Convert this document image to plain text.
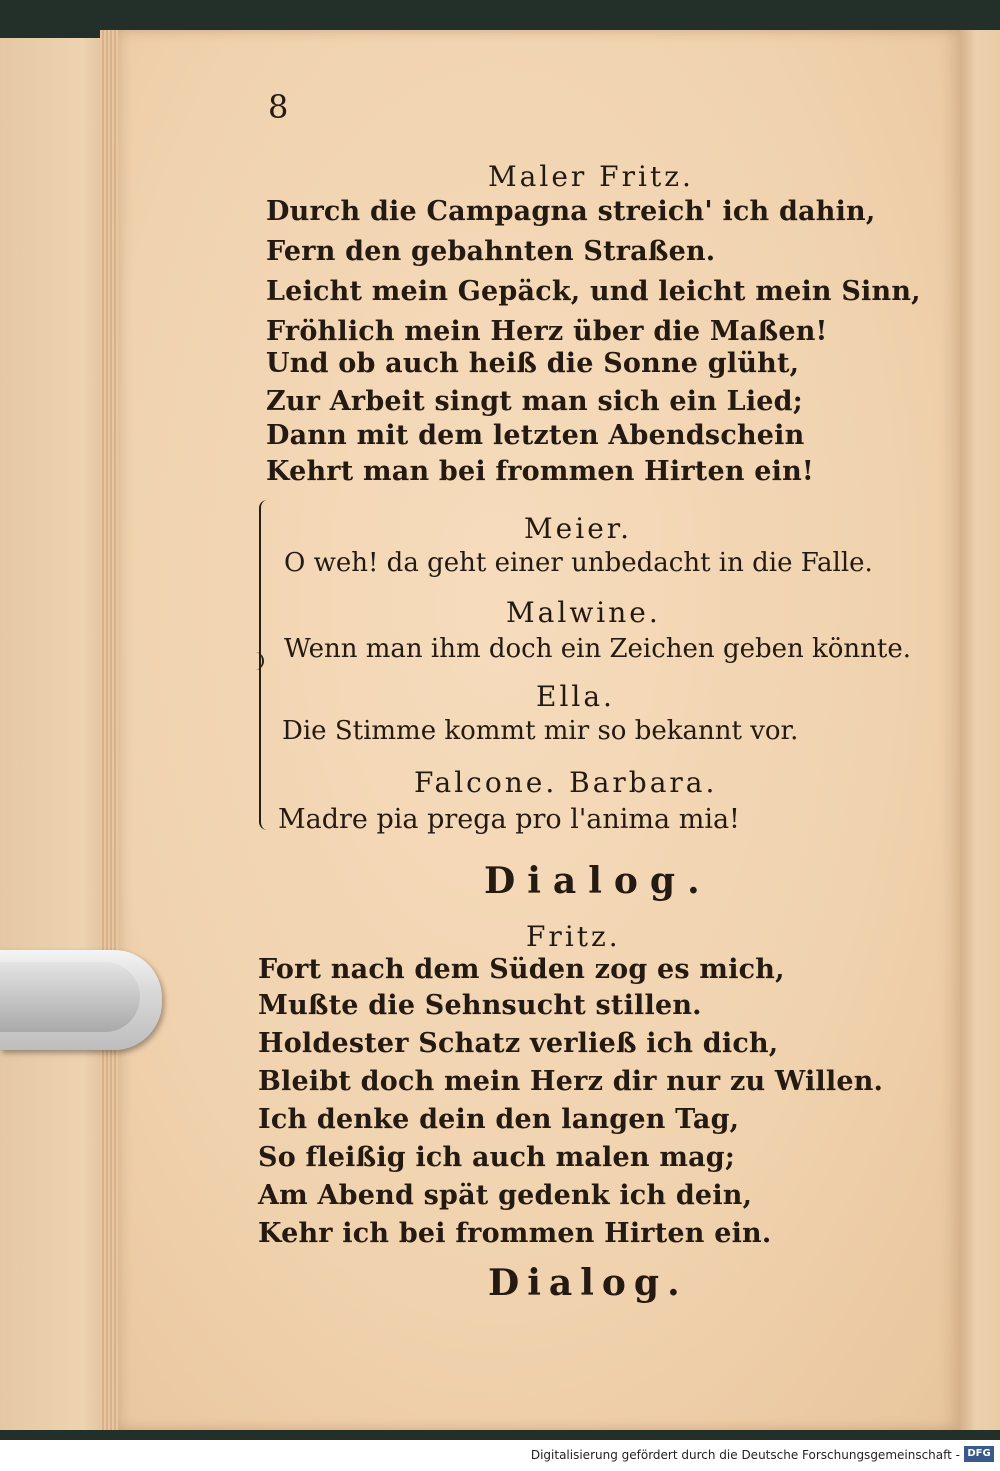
8
Maler Fritz.
Durch die Campagna streich' ich dahin,
Fern den gebahnten Straßen.
Leicht mein Gepäck, und leicht mein Sinn,
Fröhlich mein Herz über die Maßen!
Und ob auch heiß die Sonne glüht,
Zur Arbeit singt man sich ein Lied;
Dann mit dem letzten Abendschein
Kehrt man bei frommen Hirten ein!
Meier.
O weh! da geht einer unbedacht in die Falle.
Malwine.
Wenn man ihm doch ein Zeichen geben könnte.
Ella.
Die Stimme kommt mir so bekannt vor.
Falcone. Barbara.
Madre pia prega pro l'anima mia!
Dialog.
Fritz.
Fort nach dem Süden zog es mich,
Mußte die Sehnsucht stillen.
Holdester Schatz verließ ich dich,
Bleibt doch mein Herz dir nur zu Willen.
Ich denke dein den langen Tag,
So fleißig ich auch malen mag;
Am Abend spät gedenk ich dein,
Kehr ich bei frommen Hirten ein.
Dialog.
Digitalisierung gefördert durch die Deutsche Forschungsgemeinschaft - DFG
